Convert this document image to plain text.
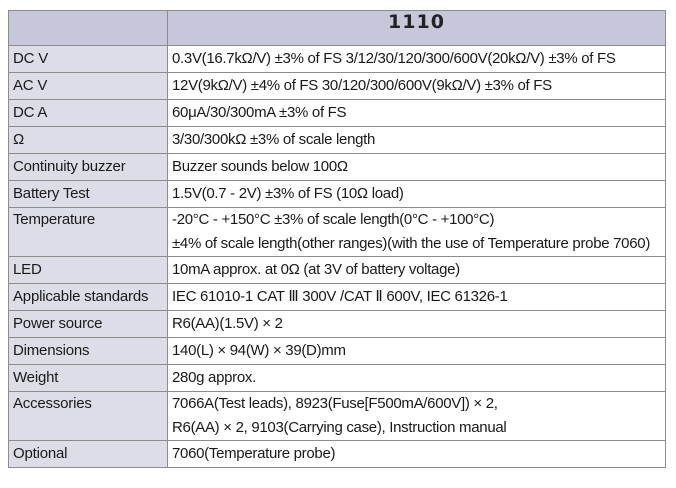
	1110
DC V	0.3V(16.7kΩ/V) ±3% of FS 3/12/30/120/300/600V(20kΩ/V) ±3% of FS

AC V	12V(9kΩ/V) ±4% of FS 30/120/300/600V(9kΩ/V) ±3% of FS

DC A	60μA/30/300mA ±3% of FS

Ω	3/30/300kΩ ±3% of scale length

Continuity buzzer	Buzzer sounds below 100Ω

Battery Test	1.5V(0.7 - 2V) ±3% of FS (10Ω load)

Temperature	-20°C - +150°C ±3% of scale length(0°C - +100°C)
±4% of scale length(other ranges)(with the use of Temperature probe 7060)

LED	10mA approx. at 0Ω (at 3V of battery voltage)

Applicable standards	IEC 61010-1 CAT Ⅲ 300V /CAT Ⅱ 600V, IEC 61326-1

Power source	R6(AA)(1.5V) × 2

Dimensions	140(L) × 94(W) × 39(D)mm

Weight	280g approx.

Accessories	7066A(Test leads), 8923(Fuse[F500mA/600V]) × 2,
R6(AA) × 2, 9103(Carrying case), Instruction manual

Optional	7060(Temperature probe)
